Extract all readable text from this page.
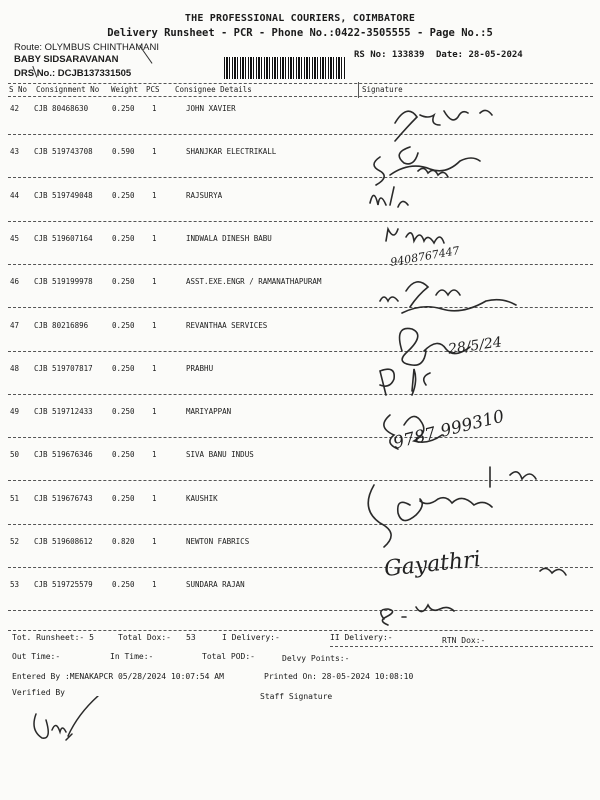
THE PROFESSIONAL COURIERS, COIMBATORE
Delivery Runsheet - PCR - Phone No.:0422-3505555 - Page No.:5
Route: OLYMBUS CHINTHAMANI
BABY SIDSARAVANAN
DRS No.: DCJB137331505
RS No: 133839 Date: 28-05-2024
S No Consignment No Weight PCS Consignee Details	Signature
42 CJB 80468630	0.250 1	JOHN XAVIER
43 CJB 519743708	0.590 1	SHANJKAR ELECTRIKALL
44 CJB 519749048	0.250 1	RAJSURYA
45 CJB 519607164	0.250 1	INDWALA DINESH BABU
46 CJB 519199978	0.250 1	ASST.EXE.ENGR / RAMANATHAPURAM
47 CJB 80216896	0.250 1	REVANTHAA SERVICES
48 CJB 519707817	0.250 1	PRABHU
49 CJB 519712433	0.250 1	MARIYAPPAN
50 CJB 519676346	0.250 1	SIVA BANU INDUS
51 CJB 519676743	0.250 1	KAUSHIK
52 CJB 519608612	0.820 1	NEWTON FABRICS
53 CJB 519725579	0.250 1	SUNDARA RAJAN
9787 999310
9408767447
28/5/24
Gayathri
Tot. Runsheet:- 5	Total Dox:- 53	I Delivery:-	II Delivery:-	RTN Dox:-
Out Time:-	In Time:-	Total POD:-	Delvy Points:-
Entered By :MENAKAPCR 05/28/2024 10:07:54 AM	Printed On: 28-05-2024 10:08:10
Verified By	Staff Signature
